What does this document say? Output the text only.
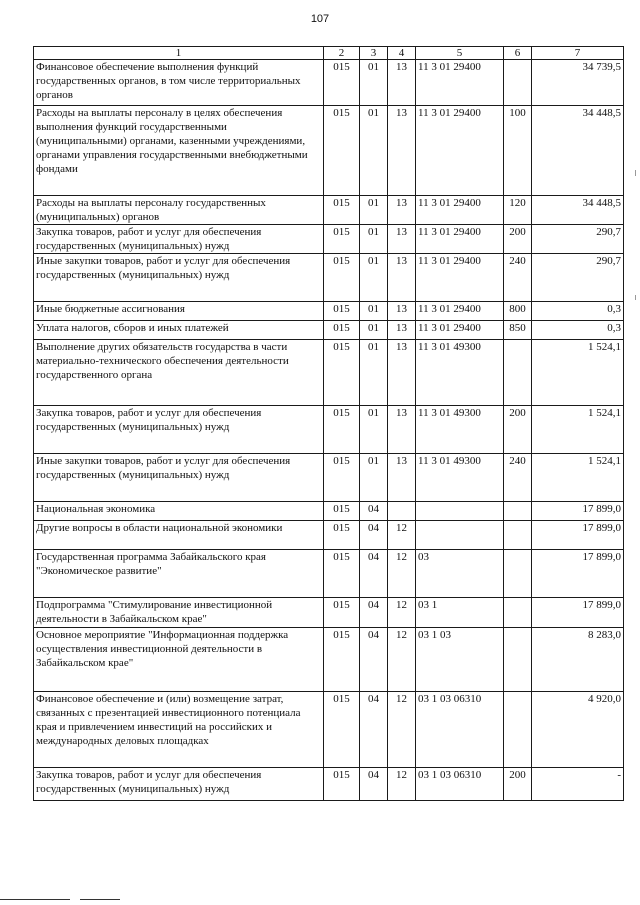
107
1	2	3	4	5	6	7
Финансовое обеспечение выполнения функций государственных органов, в том числе территориальных органов	015	01	13	11 3 01 29400		34 739,5
Расходы на выплаты персоналу в целях обеспечения выполнения функций государственными (муниципальными) органами, казенными учреждениями, органами управления государственными внебюджетными фондами	015	01	13	11 3 01 29400	100	34 448,5
Расходы на выплаты персоналу государственных (муниципальных) органов	015	01	13	11 3 01 29400	120	34 448,5
Закупка товаров, работ и услуг для обеспечения государственных (муниципальных) нужд	015	01	13	11 3 01 29400	200	290,7
Иные закупки товаров, работ и услуг для обеспечения государственных (муниципальных) нужд	015	01	13	11 3 01 29400	240	290,7
Иные бюджетные ассигнования	015	01	13	11 3 01 29400	800	0,3
Уплата налогов, сборов и иных платежей	015	01	13	11 3 01 29400	850	0,3
Выполнение других обязательств государства в части материально-технического обеспечения деятельности государственного органа	015	01	13	11 3 01 49300		1 524,1
Закупка товаров, работ и услуг для обеспечения государственных (муниципальных) нужд	015	01	13	11 3 01 49300	200	1 524,1
Иные закупки товаров, работ и услуг для обеспечения государственных (муниципальных) нужд	015	01	13	11 3 01 49300	240	1 524,1
Национальная экономика	015	04				17 899,0
Другие вопросы в области национальной экономики	015	04	12			17 899,0
Государственная программа Забайкальского края "Экономическое развитие"	015	04	12	03		17 899,0
Подпрограмма "Стимулирование инвестиционной деятельности в Забайкальском крае"	015	04	12	03 1		17 899,0
Основное мероприятие "Информационная поддержка осуществления инвестиционной деятельности в Забайкальском крае"	015	04	12	03 1 03		8 283,0
Финансовое обеспечение и (или) возмещение затрат, связанных с презентацией инвестиционного потенциала края и привлечением инвестиций на российских и международных деловых площадках	015	04	12	03 1 03 06310		4 920,0
Закупка товаров, работ и услуг для обеспечения государственных (муниципальных) нужд	015	04	12	03 1 03 06310	200	-
